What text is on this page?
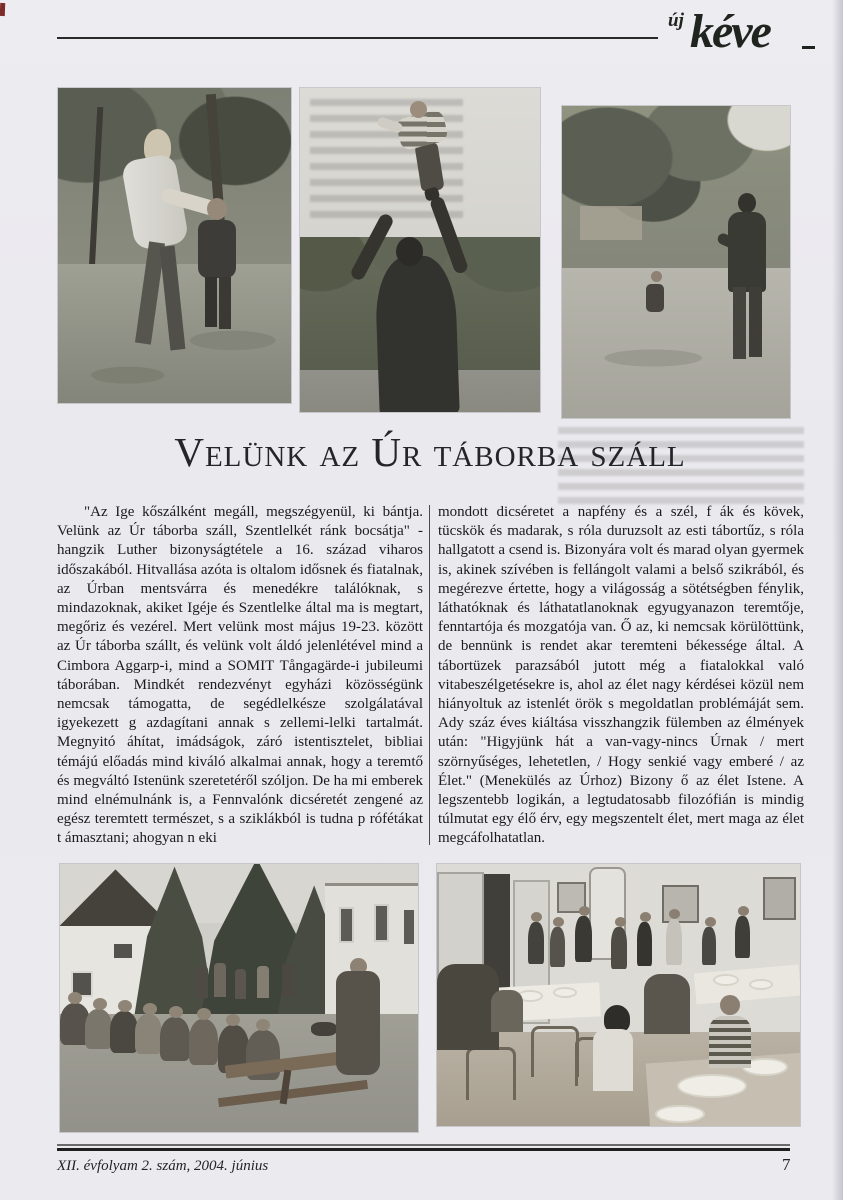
új kéve
Velünk az Úr táborba száll
"Az Ige kőszálként megáll, megszégyenül, ki bántja. Velünk az Úr táborba száll, Szentlelkét ránk bocsátja" - hangzik Luther bizonyságtétele a 16. század viharos időszakából. Hitvallása azóta is oltalom idősnek és fiatalnak, az Úrban mentsvárra és menedékre találóknak, s mindazoknak, akiket Igéje és Szentlelke által ma is megtart, megőriz és vezérel. Mert velünk most május 19-23. között az Úr táborba szállt, és velünk volt áldó jelenlétével mind a Cimbora Aggarp-i, mind a SOMIT Tångagärde-i jubileumi táborában. Mindkét rendezvényt egyházi közösségünk nemcsak támogatta, de segédlelkésze szolgálatával igyekezett g azdagítani annak s zellemi-lelki tartalmát. Megnyitó áhítat, imádságok, záró istentisztelet, bibliai témájú előadás mind kiváló alkalmai annak, hogy a teremtő és megváltó Istenünk szeretetéről szóljon. De ha mi emberek mind elnémulnánk is, a Fennvalónk dicséretét zengené az egész teremtett természet, s a sziklákból is tudna p rófétákat t ámasztani; ahogyan n eki
mondott dicséretet a napfény és a szél, f ák és kövek, tücskök és madarak, s róla duruzsolt az esti tábortűz, s róla hallgatott a csend is. Bizonyára volt és marad olyan gyermek is, akinek szívében is fellángolt valami a belső szikrából, és megérezve értette, hogy a világosság a sötétségben fénylik, láthatóknak és láthatatlanoknak egyugyanazon teremtője, fenntartója és mozgatója van. Ő az, ki nemcsak körülöttünk, de bennünk is rendet akar teremteni békessége által. A tábortüzek parazsából jutott még a fiatalokkal való vitabeszélgetésekre is, ahol az élet nagy kérdései közül nem hiányoltuk az istenlét örök s megoldatlan problémáját sem. Ady száz éves kiáltása visszhangzik fülemben az élmények után: "Higyjünk hát a van-vagy-nincs Úrnak / mert szörnyűséges, lehetetlen, / Hogy senkié vagy emberé / az Élet." (Menekülés az Úrhoz) Bizony ő az élet Istene. A legszentebb logikán, a legtudatosabb filozófián is mindig túlmutat egy élő érv, egy megszentelt élet, mert maga az élet megcáfolhatatlan.
XII. évfolyam 2. szám, 2004. június	7
